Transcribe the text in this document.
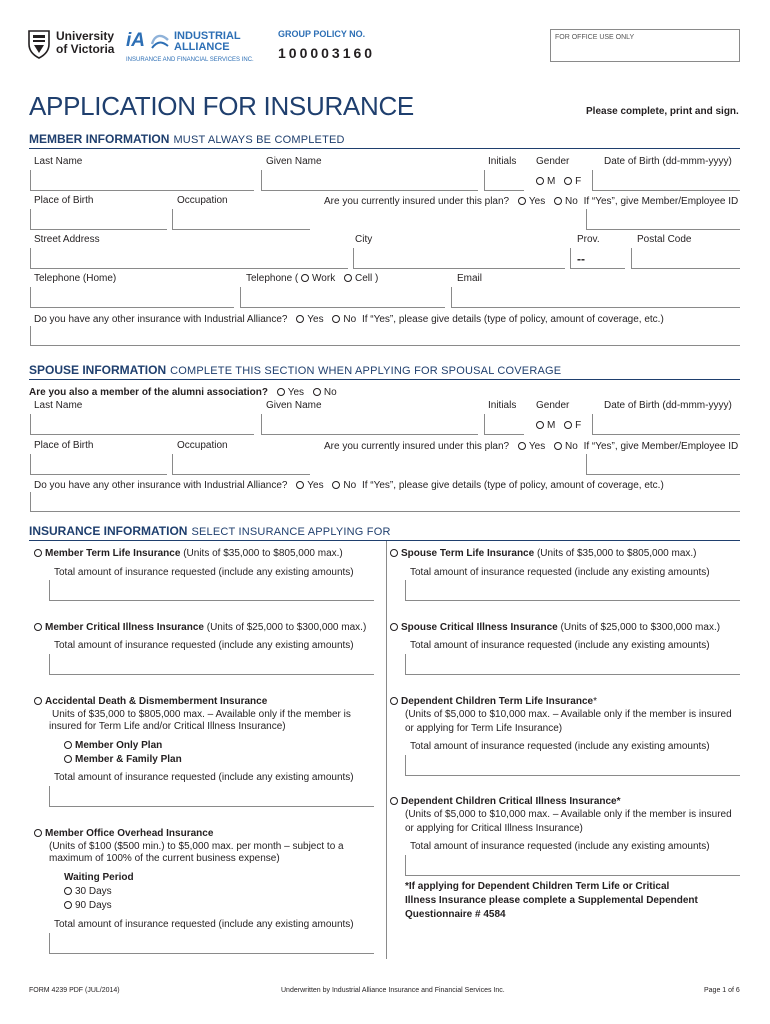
University
of Victoria iA	INDUSTRIAL
ALLIANCE
INSURANCE AND FINANCIAL SERVICES INC.
GROUP POLICY NO.
100003160
FOR OFFICE USE ONLY
APPLICATION FOR INSURANCE	Please complete, print and sign.
MEMBER INFORMATION MUST ALWAYS BE COMPLETED
Last Name	Given Name	Initials Gender	Date of Birth (dd-mmm-yyyy)
M F
Place of Birth	Occupation	Are you currently insured under this plan? Yes No If “Yes”, give Member/Employee ID
Street Address	City	Prov.	Postal Code
--
Telephone (Home)	Telephone ( Work Cell )	Email
Do you have any other insurance with Industrial Alliance? Yes No If “Yes”, please give details (type of policy, amount of coverage, etc.)
SPOUSE INFORMATION COMPLETE THIS SECTION WHEN APPLYING FOR SPOUSAL COVERAGE
Are you also a member of the alumni association? Yes No
Last Name	Given Name	Initials Gender	Date of Birth (dd-mmm-yyyy)
M F
Place of Birth	Occupation	Are you currently insured under this plan? Yes No If “Yes”, give Member/Employee ID
Do you have any other insurance with Industrial Alliance? Yes No If “Yes”, please give details (type of policy, amount of coverage, etc.)
INSURANCE INFORMATION SELECT INSURANCE APPLYING FOR
Member Term Life Insurance (Units of $35,000 to $805,000 max.)
Total amount of insurance requested (include any existing amounts)
Member Critical Illness Insurance (Units of $25,000 to $300,000 max.)
Total amount of insurance requested (include any existing amounts)
Accidental Death & Dismemberment Insurance
Units of $35,000 to $805,000 max. – Available only if the member is
insured for Term Life and/or Critical Illness Insurance)
Member Only Plan
Member & Family Plan
Total amount of insurance requested (include any existing amounts)
Member Office Overhead Insurance
(Units of $100 ($500 min.) to $5,000 max. per month – subject to a
maximum of 100% of the current business expense)
Waiting Period
30 Days
90 Days
Total amount of insurance requested (include any existing amounts)
Spouse Term Life Insurance (Units of $35,000 to $805,000 max.)
Total amount of insurance requested (include any existing amounts)
Spouse Critical Illness Insurance (Units of $25,000 to $300,000 max.)
Total amount of insurance requested (include any existing amounts)
Dependent Children Term Life Insurance*
(Units of $5,000 to $10,000 max. – Available only if the member is insured
or applying for Term Life Insurance)
Total amount of insurance requested (include any existing amounts)
Dependent Children Critical Illness Insurance*
(Units of $5,000 to $10,000 max. – Available only if the member is insured
or applying for Critical Illness Insurance)
Total amount of insurance requested (include any existing amounts)
*If applying for Dependent Children Term Life or Critical
Illness Insurance please complete a Supplemental Dependent
Questionnaire # 4584
FORM 4239 PDF (JUL/2014)	Underwritten by Industrial Alliance Insurance and Financial Services Inc.	Page 1 of 6
